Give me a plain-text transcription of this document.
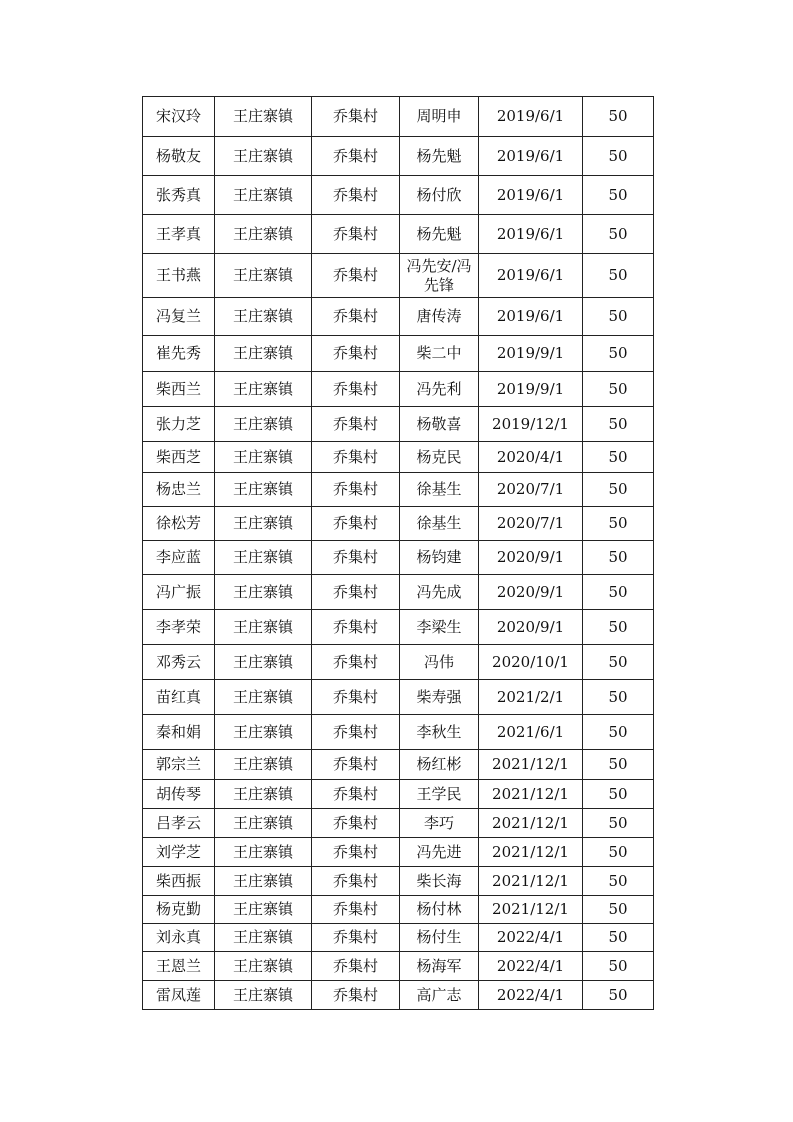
宋汉玲	王庄寨镇	乔集村	周明申	2019/6/1	50
杨敬友	王庄寨镇	乔集村	杨先魁	2019/6/1	50
张秀真	王庄寨镇	乔集村	杨付欣	2019/6/1	50
王孝真	王庄寨镇	乔集村	杨先魁	2019/6/1	50
王书燕	王庄寨镇	乔集村	冯先安/冯先锋	2019/6/1	50
冯复兰	王庄寨镇	乔集村	唐传涛	2019/6/1	50
崔先秀	王庄寨镇	乔集村	柴二中	2019/9/1	50
柴西兰	王庄寨镇	乔集村	冯先利	2019/9/1	50
张力芝	王庄寨镇	乔集村	杨敬喜	2019/12/1	50
柴西芝	王庄寨镇	乔集村	杨克民	2020/4/1	50
杨忠兰	王庄寨镇	乔集村	徐基生	2020/7/1	50
徐松芳	王庄寨镇	乔集村	徐基生	2020/7/1	50
李应蓝	王庄寨镇	乔集村	杨钧建	2020/9/1	50
冯广振	王庄寨镇	乔集村	冯先成	2020/9/1	50
李孝荣	王庄寨镇	乔集村	李梁生	2020/9/1	50
邓秀云	王庄寨镇	乔集村	冯伟	2020/10/1	50
苗红真	王庄寨镇	乔集村	柴寿强	2021/2/1	50
秦和娟	王庄寨镇	乔集村	李秋生	2021/6/1	50
郭宗兰	王庄寨镇	乔集村	杨红彬	2021/12/1	50
胡传琴	王庄寨镇	乔集村	王学民	2021/12/1	50
吕孝云	王庄寨镇	乔集村	李巧	2021/12/1	50
刘学芝	王庄寨镇	乔集村	冯先进	2021/12/1	50
柴西振	王庄寨镇	乔集村	柴长海	2021/12/1	50
杨克勤	王庄寨镇	乔集村	杨付林	2021/12/1	50
刘永真	王庄寨镇	乔集村	杨付生	2022/4/1	50
王恩兰	王庄寨镇	乔集村	杨海军	2022/4/1	50
雷凤莲	王庄寨镇	乔集村	高广志	2022/4/1	50
